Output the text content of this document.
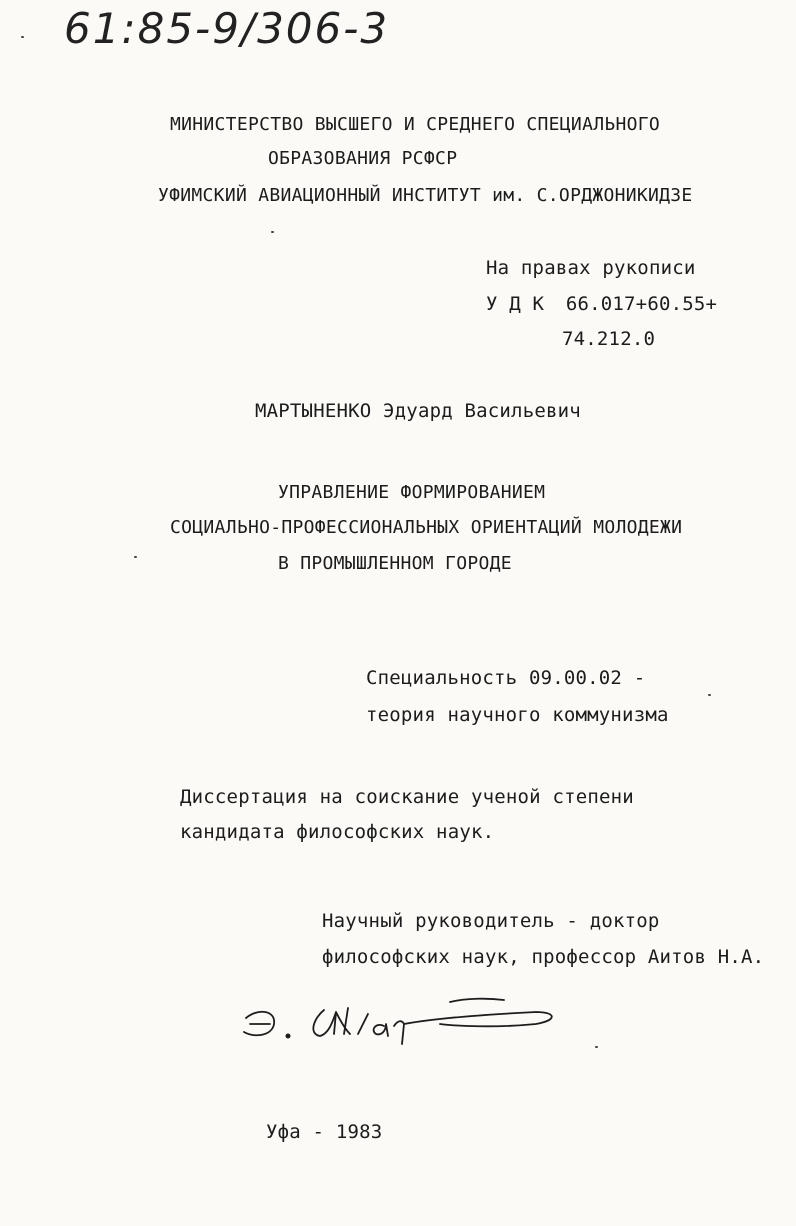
61:85-9/306-3
МИНИСТЕРСТВО ВЫСШЕГО И СРЕДНЕГО СПЕЦИАЛЬНОГО
ОБРАЗОВАНИЯ РСФСР
УФИМСКИЙ АВИАЦИОННЫЙ ИНСТИТУТ им. С.ОРДЖОНИКИДЗЕ
На правах рукописи
У Д К 66.017+60.55+
74.212.0
МАРТЫНЕНКО Эдуард Васильевич
УПРАВЛЕНИЕ ФОРМИРОВАНИЕМ
СОЦИАЛЬНО-ПРОФЕССИОНАЛЬНЫХ ОРИЕНТАЦИЙ МОЛОДЕЖИ
В ПРОМЫШЛЕННОМ ГОРОДЕ
Специальность 09.00.02 -
теория научного коммунизма
Диссертация на соискание ученой степени
кандидата философских наук.
Научный руководитель - доктор
философских наук, профессор Аитов Н.А.
Уфа - 1983
